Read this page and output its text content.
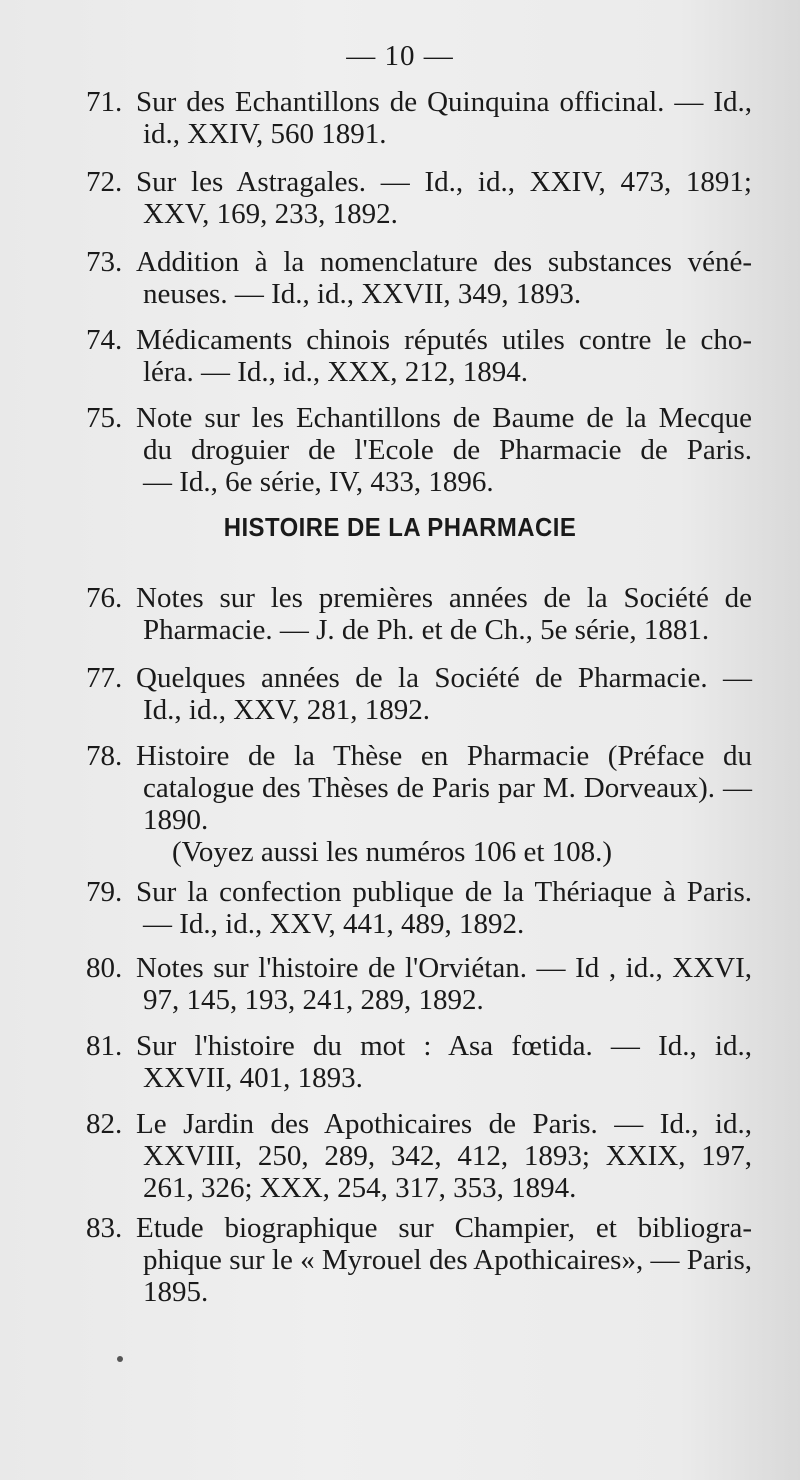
— 10 —
HISTOIRE DE LA PHARMACIE
71. Sur des Echantillons de Quinquina officinal. — Id.,
id., XXIV, 560 1891.
72. Sur les Astragales. — Id., id., XXIV, 473, 1891;
XXV, 169, 233, 1892.
73. Addition à la nomenclature des substances véné-
neuses. — Id., id., XXVII, 349, 1893.
74. Médicaments chinois réputés utiles contre le cho-
léra. — Id., id., XXX, 212, 1894.
75. Note sur les Echantillons de Baume de la Mecque
du droguier de l'Ecole de Pharmacie de Paris.
— Id., 6e série, IV, 433, 1896.
76. Notes sur les premières années de la Société de
Pharmacie. — J. de Ph. et de Ch., 5e série, 1881.
77. Quelques années de la Société de Pharmacie. —
Id., id., XXV, 281, 1892.
78. Histoire de la Thèse en Pharmacie (Préface du
catalogue des Thèses de Paris par M. Dorveaux). —
1890.
(Voyez aussi les numéros 106 et 108.)
79. Sur la confection publique de la Thériaque à Paris.
— Id., id., XXV, 441, 489, 1892.
80. Notes sur l'histoire de l'Orviétan. — Id , id., XXVI,
97, 145, 193, 241, 289, 1892.
81. Sur l'histoire du mot : Asa fœtida. — Id., id.,
XXVII, 401, 1893.
82. Le Jardin des Apothicaires de Paris. — Id., id.,
XXVIII, 250, 289, 342, 412, 1893; XXIX, 197,
261, 326; XXX, 254, 317, 353, 1894.
83. Etude biographique sur Champier, et bibliogra-
phique sur le « Myrouel des Apothicaires», — Paris,
1895.
